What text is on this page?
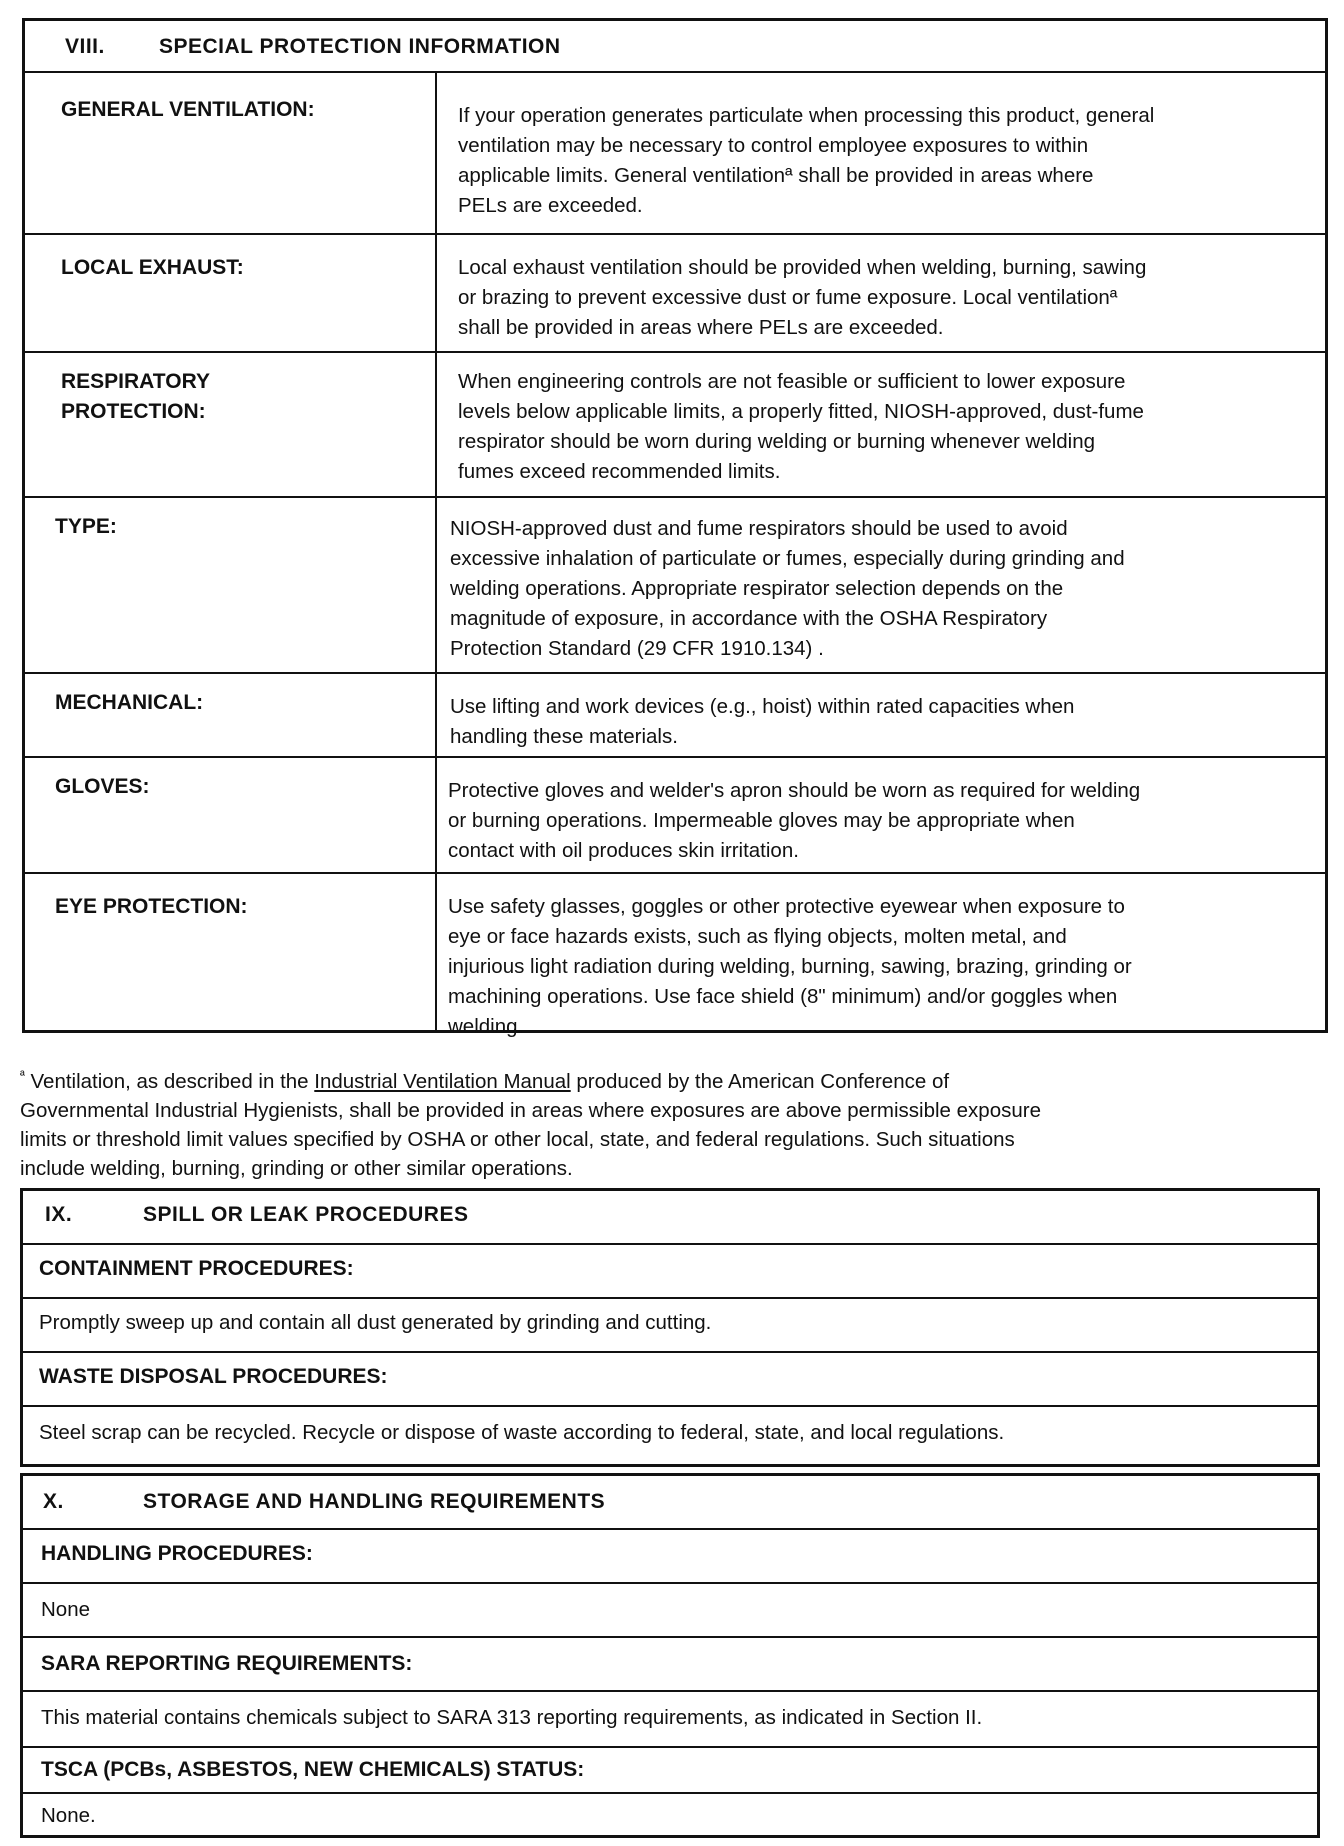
VIII.	SPECIAL PROTECTION INFORMATION
GENERAL VENTILATION:	If your operation generates particulate when processing this product, general
ventilation may be necessary to control employee exposures to within
applicable limits. General ventilationª shall be provided in areas where
PELs are exceeded.
LOCAL EXHAUST:	Local exhaust ventilation should be provided when welding, burning, sawing
or brazing to prevent excessive dust or fume exposure. Local ventilationª
shall be provided in areas where PELs are exceeded.
RESPIRATORY PROTECTION:
When engineering controls are not feasible or sufficient to lower exposure
levels below applicable limits, a properly fitted, NIOSH-approved, dust-fume
respirator should be worn during welding or burning whenever welding
fumes exceed recommended limits.
TYPE:	NIOSH-approved dust and fume respirators should be used to avoid
excessive inhalation of particulate or fumes, especially during grinding and
welding operations. Appropriate respirator selection depends on the
magnitude of exposure, in accordance with the OSHA Respiratory
Protection Standard (29 CFR 1910.134) .
MECHANICAL:	Use lifting and work devices (e.g., hoist) within rated capacities when
handling these materials.
GLOVES:	Protective gloves and welder's apron should be worn as required for welding
or burning operations. Impermeable gloves may be appropriate when
contact with oil produces skin irritation.
EYE PROTECTION:	Use safety glasses, goggles or other protective eyewear when exposure to
eye or face hazards exists, such as flying objects, molten metal, and
injurious light radiation during welding, burning, sawing, brazing, grinding or
machining operations. Use face shield (8" minimum) and/or goggles when
welding.
$^ª$ Ventilation, as described in the Industrial Ventilation Manual produced by the American Conference of
Governmental Industrial Hygienists, shall be provided in areas where exposures are above permissible exposure
limits or threshold limit values specified by OSHA or other local, state, and federal regulations. Such situations
include welding, burning, grinding or other similar operations.
IX.	SPILL OR LEAK PROCEDURES
CONTAINMENT PROCEDURES:
Promptly sweep up and contain all dust generated by grinding and cutting.
WASTE DISPOSAL PROCEDURES:
Steel scrap can be recycled. Recycle or dispose of waste according to federal, state, and local regulations.
X.	STORAGE AND HANDLING REQUIREMENTS
HANDLING PROCEDURES:
None
SARA REPORTING REQUIREMENTS:
This material contains chemicals subject to SARA 313 reporting requirements, as indicated in Section II.
TSCA (PCBs, ASBESTOS, NEW CHEMICALS) STATUS:
None.
